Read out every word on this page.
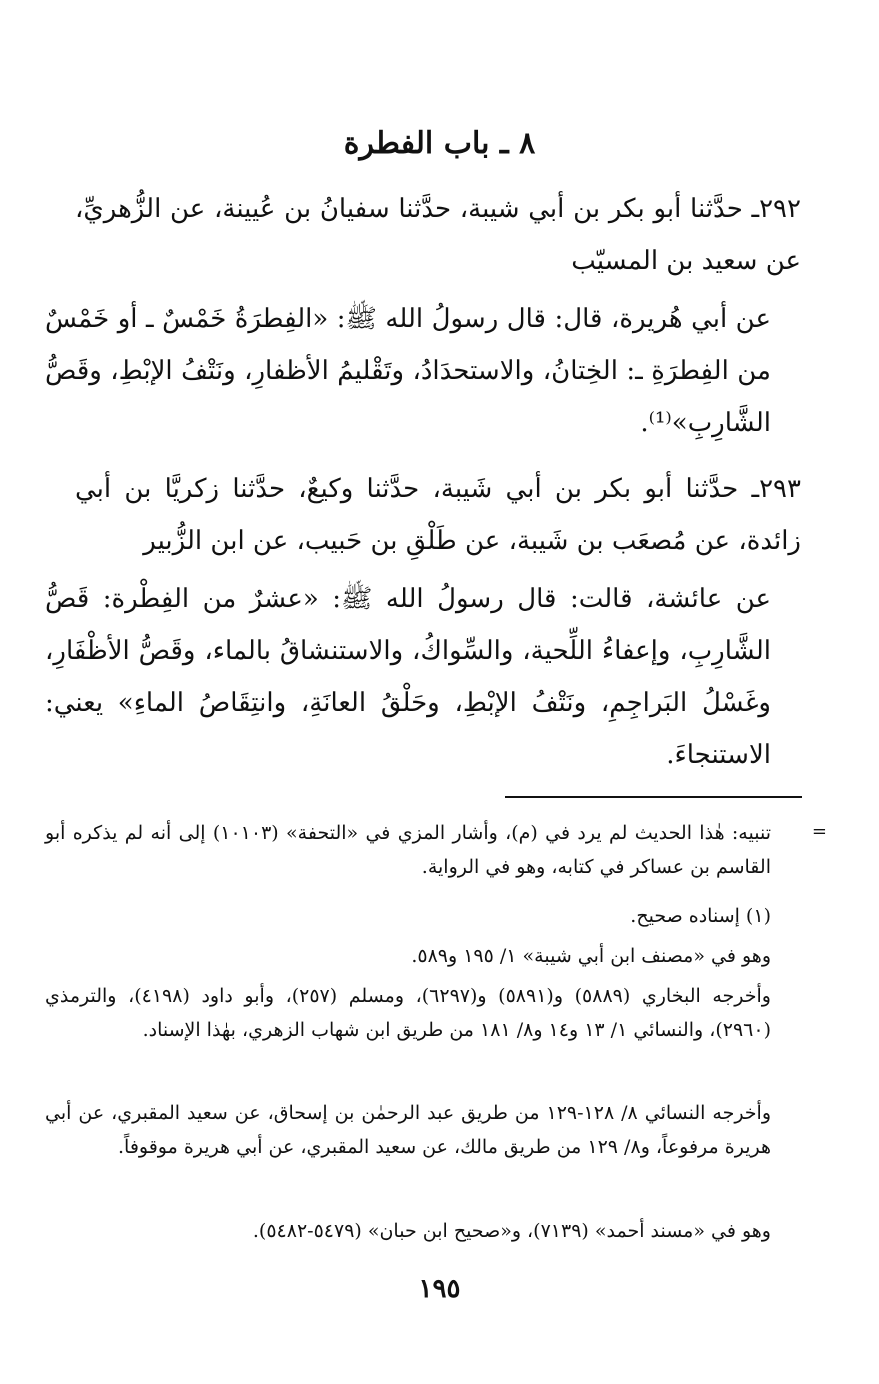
٨ ـ باب الفطرة
٢٩٢ـ حدَّثنا أبو بكر بن أبي شيبة، حدَّثنا سفيانُ بن عُيينة، عن الزُّهريِّ، عن سعيد بن المسيّب
عن أبي هُريرة، قال: قال رسولُ الله ﷺ: «الفِطرَةُ خَمْسٌ ـ أو خَمْسٌ من الفِطرَةِ ـ: الخِتانُ، والاستحدَادُ، وتَقْليمُ الأظفارِ، ونَتْفُ الإبْطِ، وقَصُّ الشَّارِبِ»⁽¹⁾.
٢٩٣ـ حدَّثنا أبو بكر بن أبي شَيبة، حدَّثنا وكيعٌ، حدَّثنا زكريَّا بن أبي زائدة، عن مُصعَب بن شَيبة، عن طَلْقِ بن حَبيب، عن ابن الزُّبير
عن عائشة، قالت: قال رسولُ الله ﷺ: «عشرٌ من الفِطْرة: قَصُّ الشَّارِبِ، وإعفاءُ اللِّحية، والسِّواكُ، والاستنشاقُ بالماء، وقَصُّ الأظْفَارِ، وغَسْلُ البَراجِمِ، ونَتْفُ الإبْطِ، وحَلْقُ العانَةِ، وانتِقَاصُ الماءِ» يعني: الاستنجاءَ.
=
تنبيه: هٰذا الحديث لم يرد في (م)، وأشار المزي في «التحفة» (١٠١٠٣) إلى أنه لم يذكره أبو القاسم بن عساكر في كتابه، وهو في الرواية.
(١) إسناده صحيح.
وهو في «مصنف ابن أبي شيبة» ١/ ١٩٥ و٥٨٩.
وأخرجه البخاري (٥٨٨٩) و(٥٨٩١) و(٦٢٩٧)، ومسلم (٢٥٧)، وأبو داود (٤١٩٨)، والترمذي (٢٩٦٠)، والنسائي ١/ ١٣ و١٤ و٨/ ١٨١ من طريق ابن شهاب الزهري، بهٰذا الإسناد.
وأخرجه النسائي ٨/ ١٢٨-١٢٩ من طريق عبد الرحمٰن بن إسحاق، عن سعيد المقبري، عن أبي هريرة مرفوعاً، و٨/ ١٢٩ من طريق مالك، عن سعيد المقبري، عن أبي هريرة موقوفاً.
وهو في «مسند أحمد» (٧١٣٩)، و«صحيح ابن حبان» (٥٤٧٩-٥٤٨٢).
١٩٥
